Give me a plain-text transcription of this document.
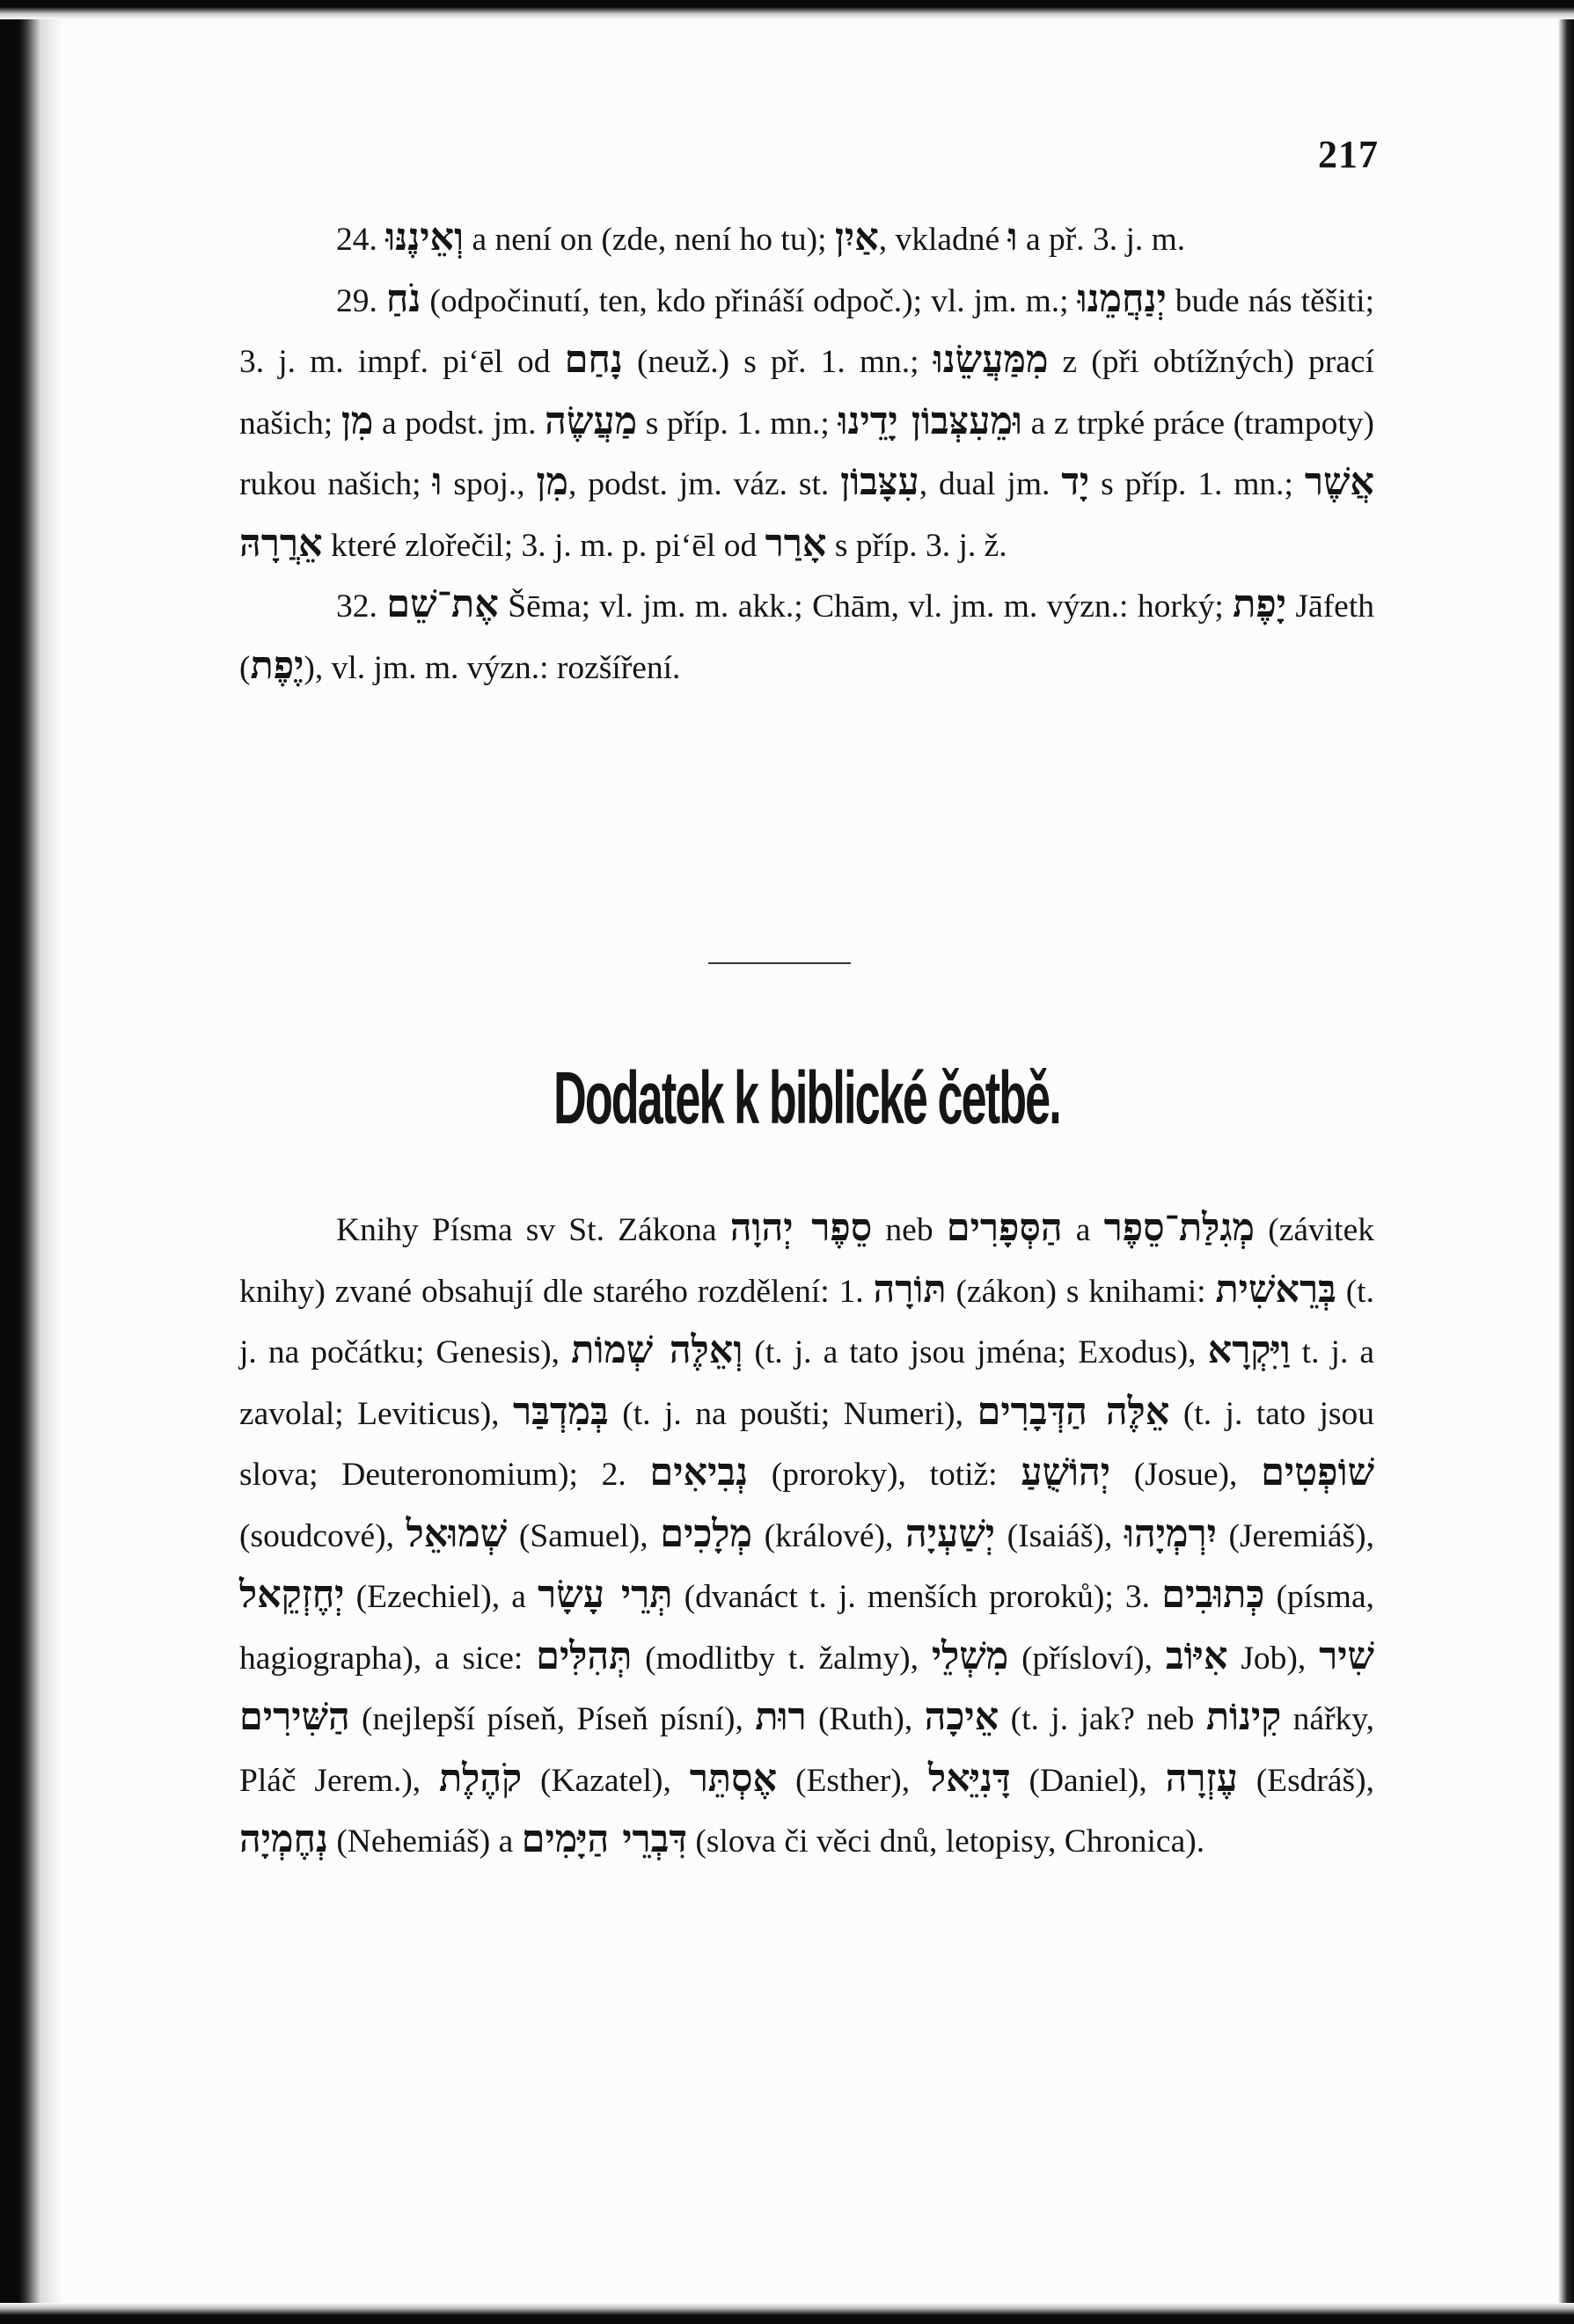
217

24. וְאֵינֶנּוּ a není on (zde, není ho tu); אַיִן, vkladné וּ a př. 3. j. m.

29. נֹחַ (odpočinutí, ten, kdo přináší odpoč.); vl. jm. m.; יְנַחֲמֵנוּ bude nás těšiti; 3. j. m. impf. piʻēl od נָחַם (neuž.) s př. 1. mn.; מִמַּעֲשֵׂנוּ z (při obtížných) prací našich; מִן a podst. jm. מַעֲשֶׂה s příp. 1. mn.; וּמֵעִצְּבוֹן יָדֵינוּ a z trpké práce (trampoty) rukou našich; וּ spoj., מִן, podst. jm. váz. st. עִצָּבוֹן, dual jm. יָד s příp. 1. mn.; אֲשֶׁר אֵרֲרָהּ které zlořečil; 3. j. m. p. piʻēl od אָרַר s příp. 3. j. ž.

32. אֶת־שֵׁם Šēma; vl. jm. m. akk.; Chām, vl. jm. m. význ.: horký; יָפֶת Jāfeth (יֶפֶת), vl. jm. m. význ.: rozšíření.

Dodatek k biblické četbě.

Knihy Písma sv St. Zákona סֵפֶר יְהוָה neb הַסְּפָרִים a מְגִלַּת־סֵפֶר (závitek knihy) zvané obsahují dle starého rozdělení: 1. תּוֹרָה (zákon) s knihami: בְּרֵאשִׁית (t. j. na počátku; Genesis), וְאֵלֶּה שְׁמוֹת (t. j. a tato jsou jména; Exodus), וַיִּקְרָא t. j. a zavolal; Leviticus), בְּמִדְבַּר (t. j. na poušti; Numeri), אֵלֶּה הַדְּבָרִים (t. j. tato jsou slova; Deuteronomium); 2. נְבִיאִים (proroky), totiž: יְהוֹשֻׁעַ (Josue), שׁוֹפְטִים (soudcové), שְׁמוּאֵל (Samuel), מְלָכִים (králové), יְשַׁעְיָה (Isaiáš), יִרְמְיָהוּ (Jeremiáš), יְחֶזְקֵאל (Ezechiel), a תְּרֵי עָשָׂר (dvanáct t. j. menších proroků); 3. כְּתוּבִים (písma, hagiographa), a sice: תְּהִלִּים (modlitby t. žalmy), מִשְׁלֵי (přísloví), אִיּוֹב Job), שִׁיר הַשִּׁירִים (nejlepší píseň, Píseň písní), רוּת (Ruth), אֵיכָה (t. j. jak? neb קִינוֹת nářky, Pláč Jerem.), קֹהֶלֶת (Kazatel), אֶסְתֵּר (Esther), דָּנִיֵּאל (Daniel), עֶזְרָה (Esdráš), נְחֶמְיָה (Nehemiáš) a דִּבְרֵי הַיָּמִים (slova či věci dnů, letopisy, Chronica).
